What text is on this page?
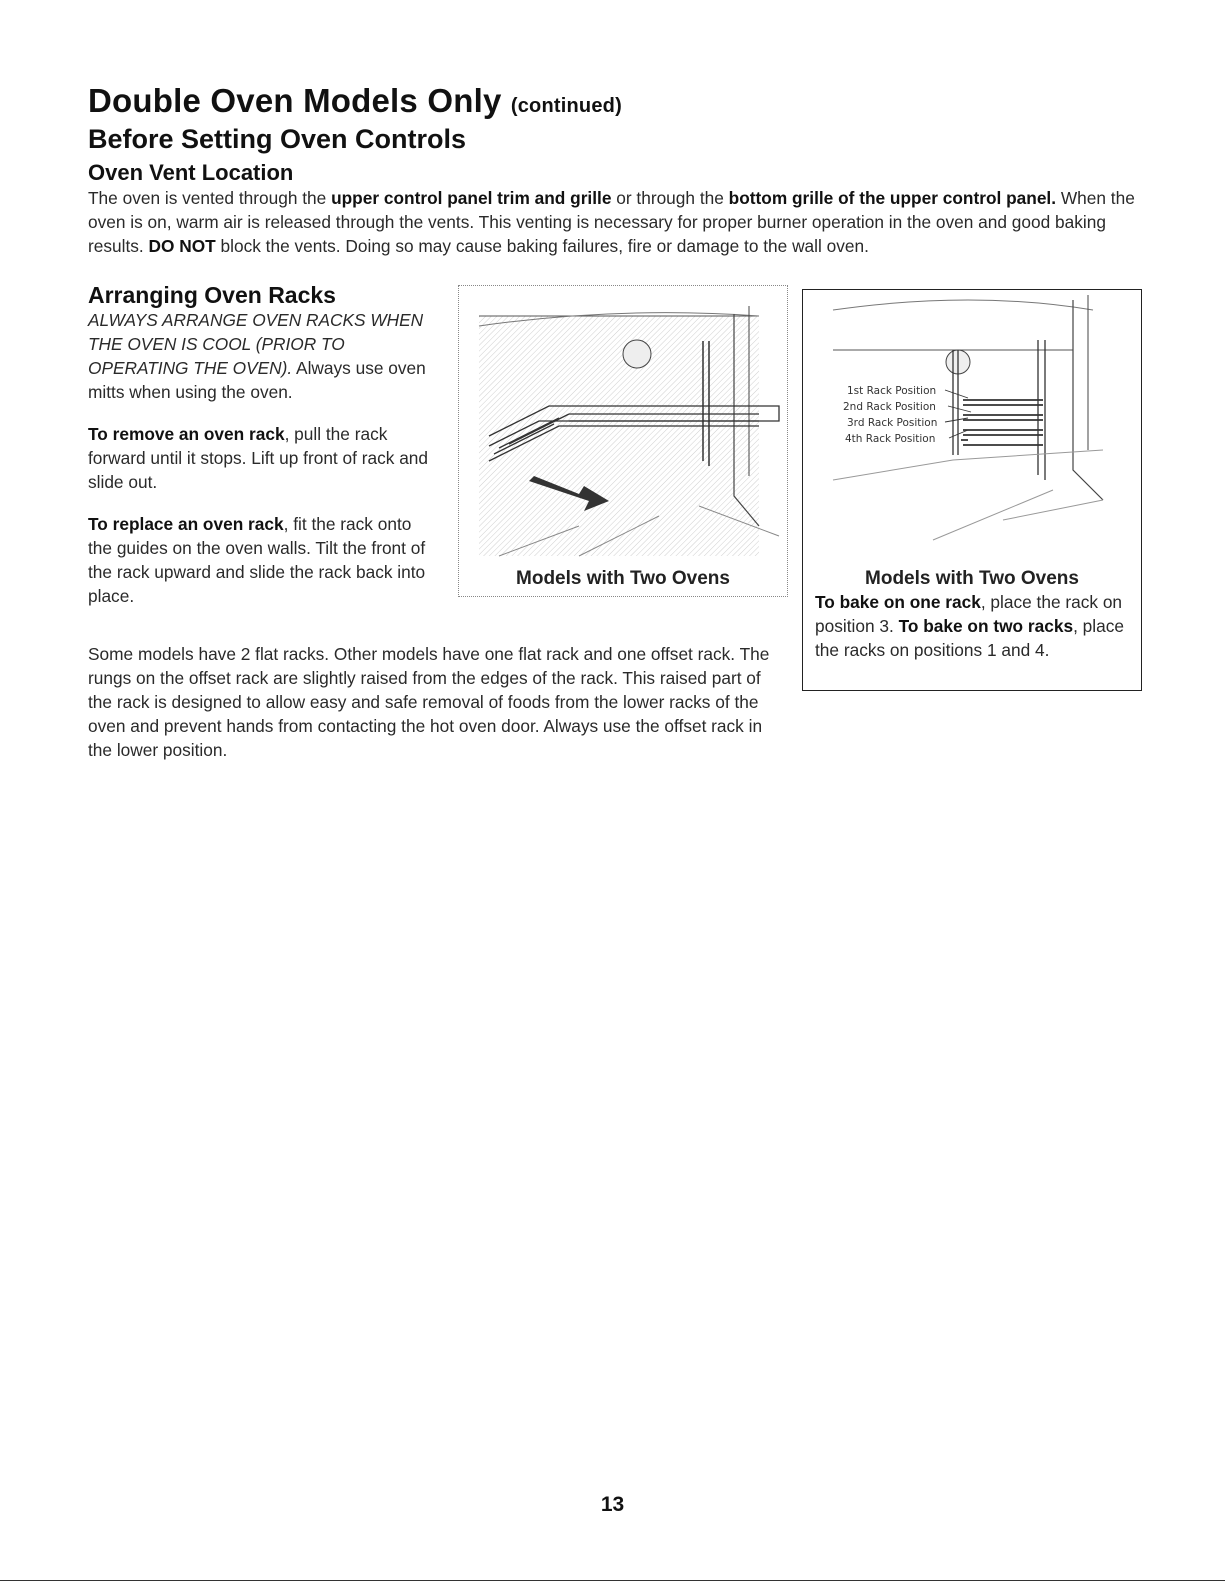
Double Oven Models Only (continued)
Before Setting Oven Controls
Oven Vent Location

The oven is vented through the upper control panel trim and grille or through the bottom grille of the upper control panel. When the oven is on, warm air is released through the vents. This venting is necessary for proper burner operation in the oven and good baking results. DO NOT block the vents. Doing so may cause baking failures, fire or damage to the wall oven.

Arranging Oven Racks

ALWAYS ARRANGE OVEN RACKS WHEN THE OVEN IS COOL (PRIOR TO OPERATING THE OVEN). Always use oven mitts when using the oven.

To remove an oven rack, pull the rack forward until it stops. Lift up front of rack and slide out.

To replace an oven rack, fit the rack onto the guides on the oven walls. Tilt the front of the rack upward and slide the rack back into place.

Models with Two Ovens
1st Rack Position
2nd Rack Position
3rd Rack Position
4th Rack Position
Models with Two Ovens
To bake on one rack, place the rack on position 3. To bake on two racks, place the racks on positions 1 and 4.

Some models have 2 flat racks. Other models have one flat rack and one offset rack. The rungs on the offset rack are slightly raised from the edges of the rack. This raised part of the rack is designed to allow easy and safe removal of foods from the lower racks of the oven and prevent hands from contacting the hot oven door. Always use the offset rack in the lower position.

13
